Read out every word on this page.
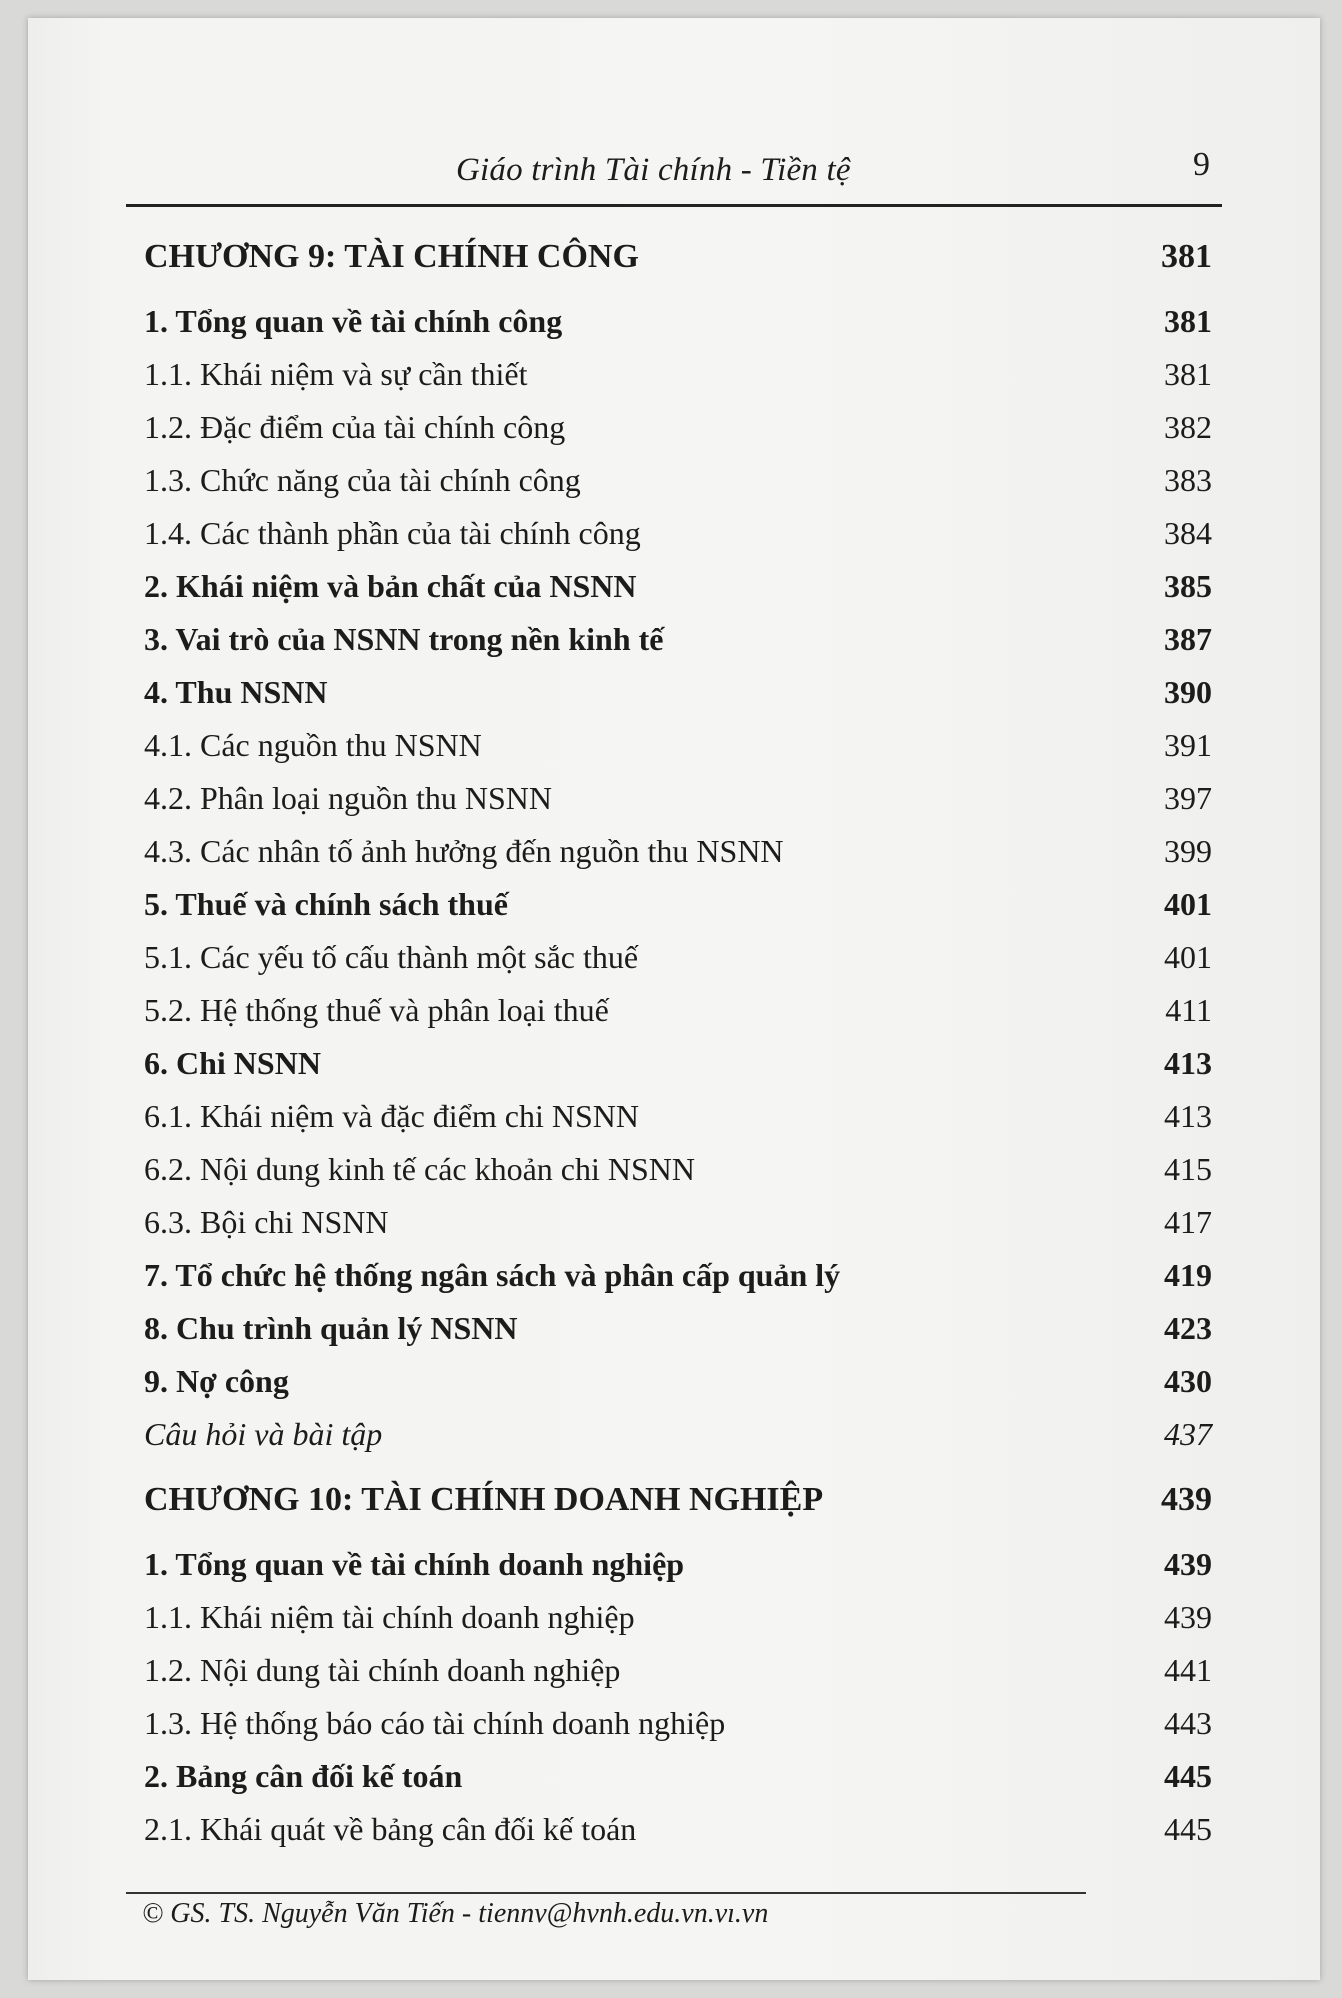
Giáo trình Tài chính - Tiền tệ	9
CHƯƠNG 9: TÀI CHÍNH CÔNG	381
1. Tổng quan về tài chính công	381
1.1. Khái niệm và sự cần thiết	381
1.2. Đặc điểm của tài chính công	382
1.3. Chức năng của tài chính công	383
1.4. Các thành phần của tài chính công	384
2. Khái niệm và bản chất của NSNN	385
3. Vai trò của NSNN trong nền kinh tế	387
4. Thu NSNN	390
4.1. Các nguồn thu NSNN	391
4.2. Phân loại nguồn thu NSNN	397
4.3. Các nhân tố ảnh hưởng đến nguồn thu NSNN	399
5. Thuế và chính sách thuế	401
5.1. Các yếu tố cấu thành một sắc thuế	401
5.2. Hệ thống thuế và phân loại thuế	411
6. Chi NSNN	413
6.1. Khái niệm và đặc điểm chi NSNN	413
6.2. Nội dung kinh tế các khoản chi NSNN	415
6.3. Bội chi NSNN	417
7. Tổ chức hệ thống ngân sách và phân cấp quản lý	419
8. Chu trình quản lý NSNN	423
9. Nợ công	430
Câu hỏi và bài tập	437
CHƯƠNG 10: TÀI CHÍNH DOANH NGHIỆP	439
1. Tổng quan về tài chính doanh nghiệp	439
1.1. Khái niệm tài chính doanh nghiệp	439
1.2. Nội dung tài chính doanh nghiệp	441
1.3. Hệ thống báo cáo tài chính doanh nghiệp	443
2. Bảng cân đối kế toán	445
2.1. Khái quát về bảng cân đối kế toán	445
© GS. TS. Nguyễn Văn Tiến - tiennv@hvnh.edu.vn.vı.vn
